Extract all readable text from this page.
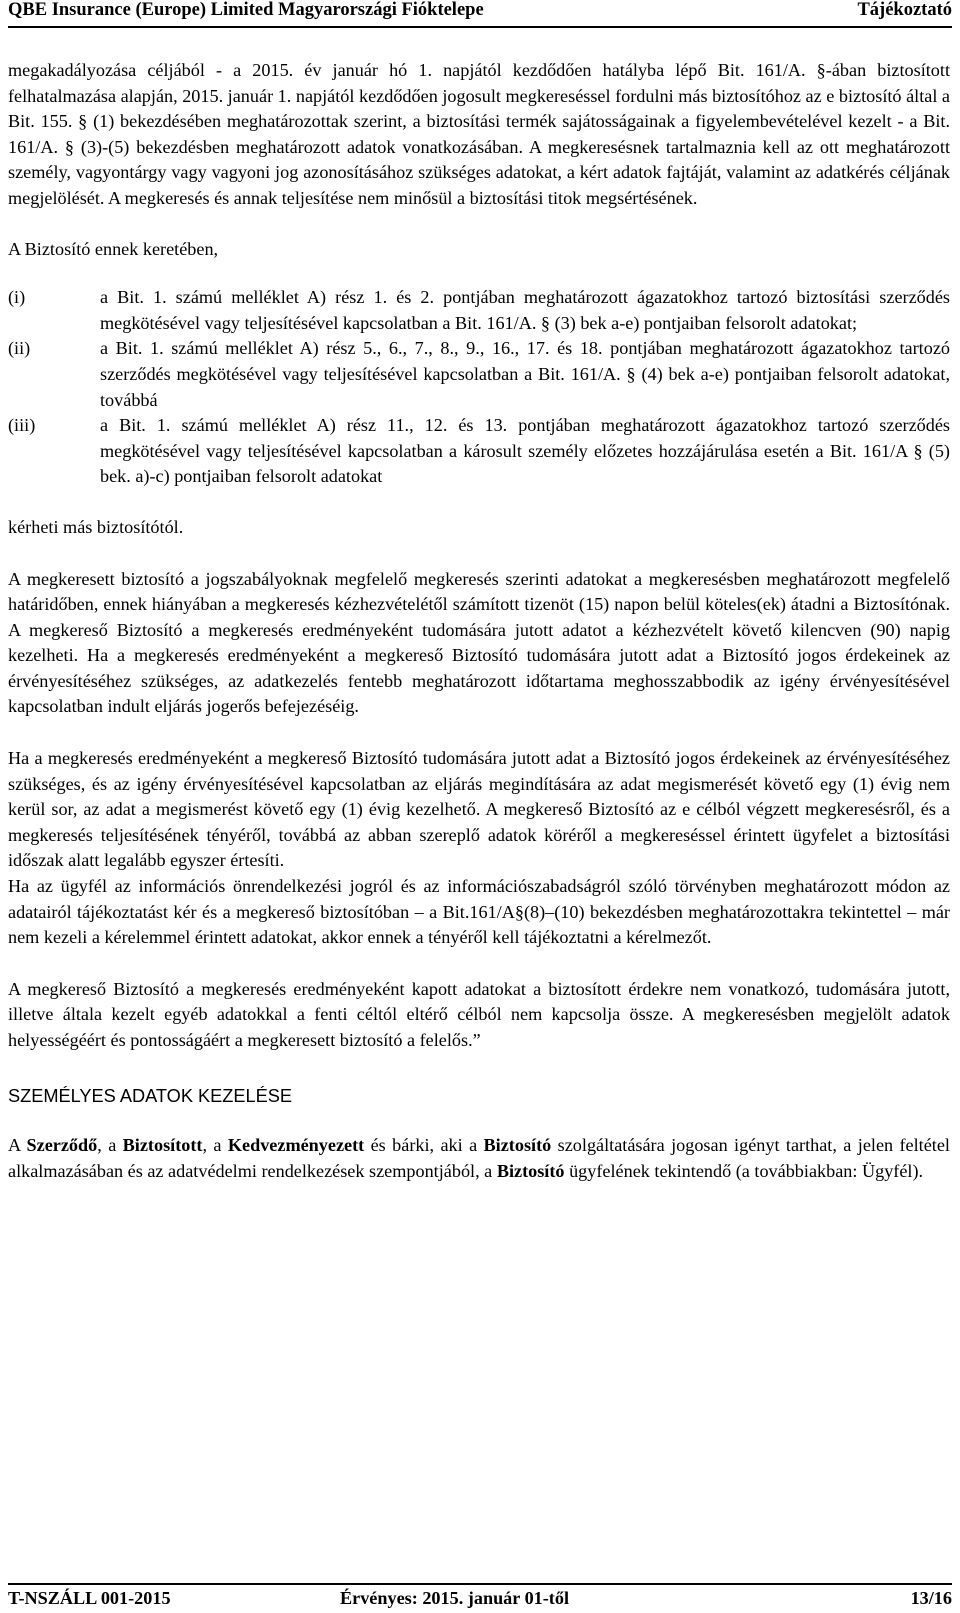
QBE Insurance (Europe) Limited Magyarországi Fióktelepe	Tájékoztató

megakadályozása céljából - a 2015. év január hó 1. napjától kezdődően hatályba lépő Bit. 161/A. §-ában biztosított felhatalmazása alapján, 2015. január 1. napjától kezdődően jogosult megkereséssel fordulni más biztosítóhoz az e biztosító által a Bit. 155. § (1) bekezdésében meghatározottak szerint, a biztosítási termék sajátosságainak a figyelembevételével kezelt - a Bit. 161/A. § (3)-(5) bekezdésben meghatározott adatok vonatkozásában. A megkeresésnek tartalmaznia kell az ott meghatározott személy, vagyontárgy vagy vagyoni jog azonosításához szükséges adatokat, a kért adatok fajtáját, valamint az adatkérés céljának megjelölését. A megkeresés és annak teljesítése nem minősül a biztosítási titok megsértésének.

A Biztosító ennek keretében,

(i)	a Bit. 1. számú melléklet A) rész 1. és 2. pontjában meghatározott ágazatokhoz tartozó biztosítási szerződés megkötésével vagy teljesítésével kapcsolatban a Bit. 161/A. § (3) bek a-e) pontjaiban felsorolt adatokat;

(ii)	a Bit. 1. számú melléklet A) rész 5., 6., 7., 8., 9., 16., 17. és 18. pontjában meghatározott ágazatokhoz tartozó szerződés megkötésével vagy teljesítésével kapcsolatban a Bit. 161/A. § (4) bek a-e) pontjaiban felsorolt adatokat, továbbá

(iii)	a Bit. 1. számú melléklet A) rész 11., 12. és 13. pontjában meghatározott ágazatokhoz tartozó szerződés megkötésével vagy teljesítésével kapcsolatban a károsult személy előzetes hozzájárulása esetén a Bit. 161/A § (5) bek. a)-c) pontjaiban felsorolt adatokat

kérheti más biztosítótól.

A megkeresett biztosító a jogszabályoknak megfelelő megkeresés szerinti adatokat a megkeresésben meghatározott megfelelő határidőben, ennek hiányában a megkeresés kézhezvételétől számított tizenöt (15) napon belül köteles(ek) átadni a Biztosítónak. A megkereső Biztosító a megkeresés eredményeként tudomására jutott adatot a kézhezvételt követő kilencven (90) napig kezelheti. Ha a megkeresés eredményeként a megkereső Biztosító tudomására jutott adat a Biztosító jogos érdekeinek az érvényesítéséhez szükséges, az adatkezelés fentebb meghatározott időtartama meghosszabbodik az igény érvényesítésével kapcsolatban indult eljárás jogerős befejezéséig.

Ha a megkeresés eredményeként a megkereső Biztosító tudomására jutott adat a Biztosító jogos érdekeinek az érvényesítéséhez szükséges, és az igény érvényesítésével kapcsolatban az eljárás megindítására az adat megismerését követő egy (1) évig nem kerül sor, az adat a megismerést követő egy (1) évig kezelhető. A megkereső Biztosító az e célból végzett megkeresésről, és a megkeresés teljesítésének tényéről, továbbá az abban szereplő adatok köréről a megkereséssel érintett ügyfelet a biztosítási időszak alatt legalább egyszer értesíti.

Ha az ügyfél az információs önrendelkezési jogról és az információszabadságról szóló törvényben meghatározott módon az adatairól tájékoztatást kér és a megkereső biztosítóban – a Bit.161/A§(8)–(10) bekezdésben meghatározottakra tekintettel – már nem kezeli a kérelemmel érintett adatokat, akkor ennek a tényéről kell tájékoztatni a kérelmezőt.

A megkereső Biztosító a megkeresés eredményeként kapott adatokat a biztosított érdekre nem vonatkozó, tudomására jutott, illetve általa kezelt egyéb adatokkal a fenti céltól eltérő célból nem kapcsolja össze. A megkeresésben megjelölt adatok helyességéért és pontosságáért a megkeresett biztosító a felelős.”

SZEMÉLYES ADATOK KEZELÉSE

A Szerződő, a Biztosított, a Kedvezményezett és bárki, aki a Biztosító szolgáltatására jogosan igényt tarthat, a jelen feltétel alkalmazásában és az adatvédelmi rendelkezések szempontjából, a Biztosító ügyfelének tekintendő (a továbbiakban: Ügyfél).

T-NSZÁLL 001-2015	Érvényes: 2015. január 01-től	13/16
